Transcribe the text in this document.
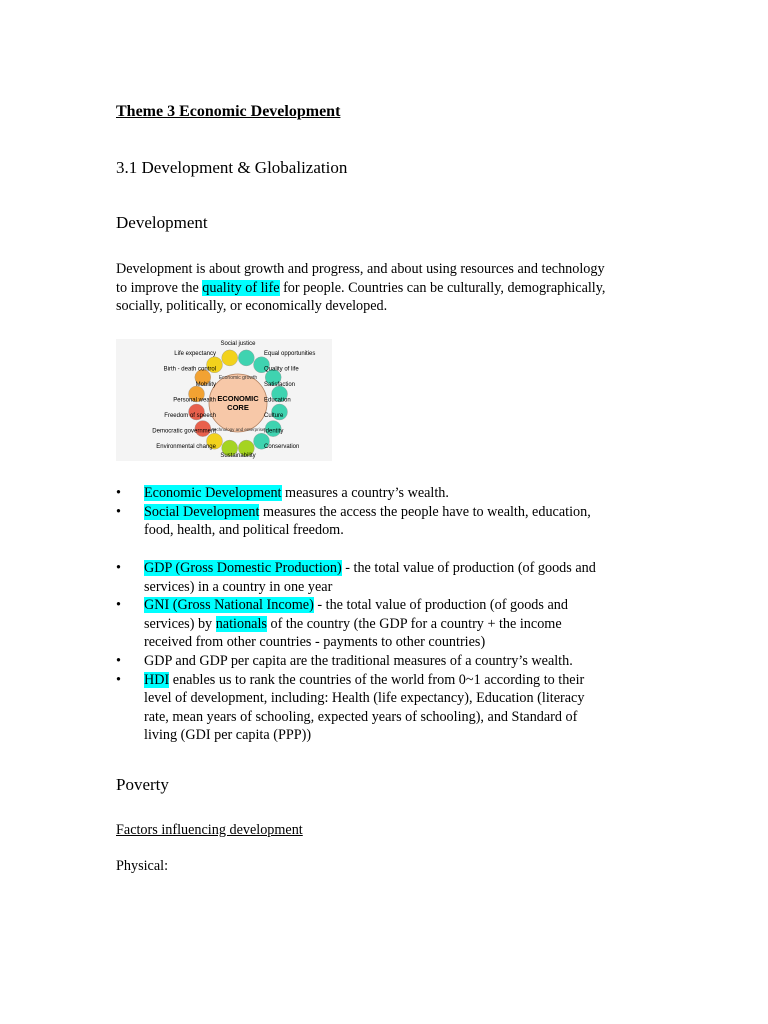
Theme 3 Economic Development
3.1 Development & Globalization
Development
Development is about growth and progress, and about using resources and technology
to improve the quality of life for people. Countries can be culturally, demographically,
socially, politically, or economically developed.
ECONOMIC
CORE
Economic growth
Technology and enterprise
Social justice
Sustainability
Life expectancy
Birth - death control
Mobility
Personal wealth
Freedom of speech
Democratic government
Environmental change
Equal opportunities
Quality of life
Satisfaction
Education
Culture
Identity
Conservation
• Economic Development measures a country’s wealth.
• Social Development measures the access the people have to wealth, education,
food, health, and political freedom.
• GDP (Gross Domestic Production) - the total value of production (of goods and
services) in a country in one year
• GNI (Gross National Income) - the total value of production (of goods and
services) by nationals of the country (the GDP for a country + the income
received from other countries - payments to other countries)
• GDP and GDP per capita are the traditional measures of a country’s wealth.
• HDI enables us to rank the countries of the world from 0~1 according to their
level of development, including: Health (life expectancy), Education (literacy
rate, mean years of schooling, expected years of schooling), and Standard of
living (GDI per capita (PPP))
Poverty
Factors influencing development
Physical:
